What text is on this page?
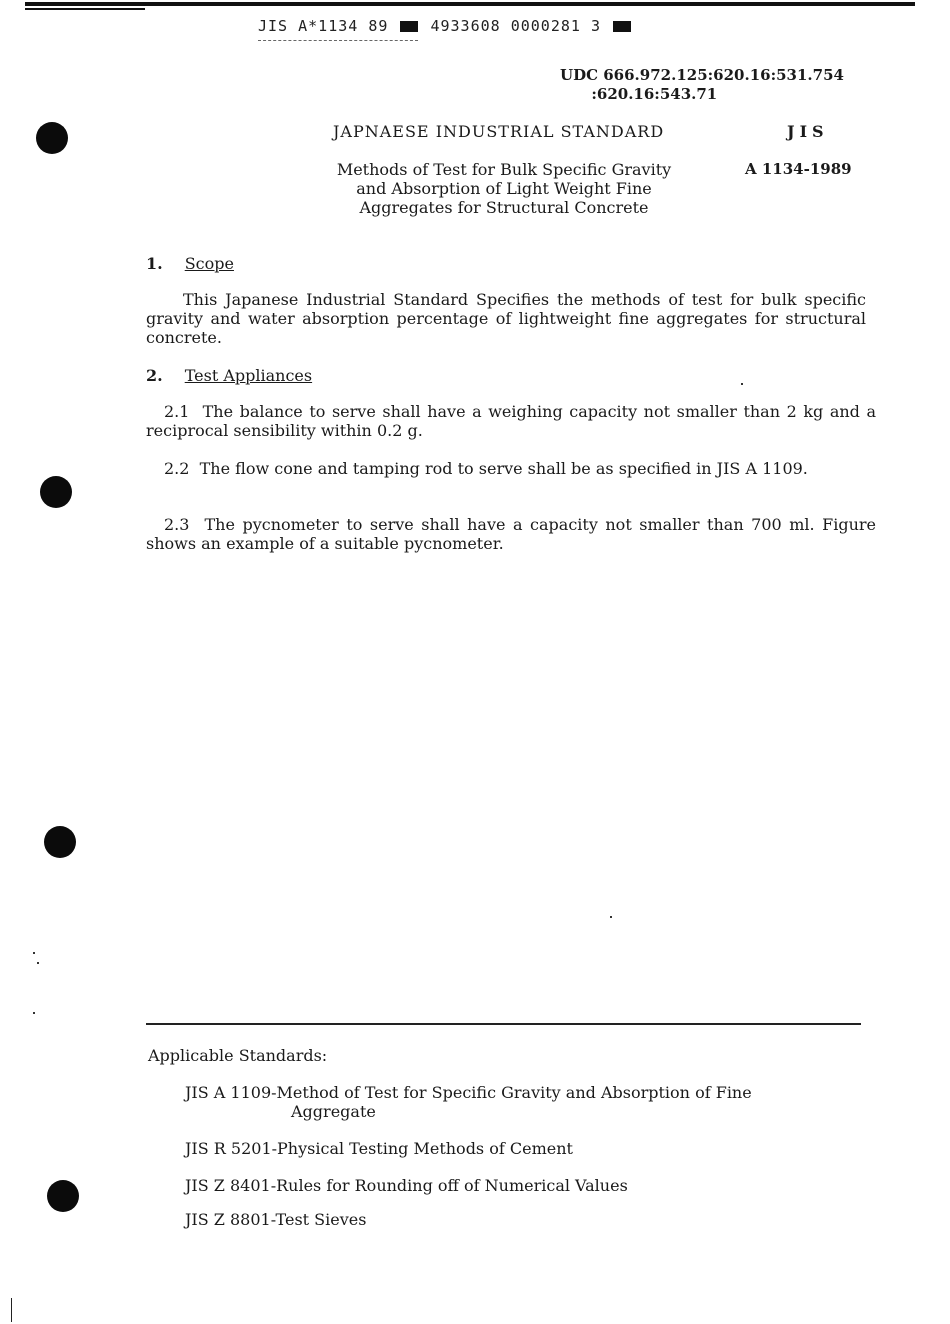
JIS A*1134 89	4933608 0000281 3
UDC 666.972.125:620.16:531.754
:620.16:543.71
JAPNAESE INDUSTRIAL STANDARD	JIS
Methods of Test for Bulk Specific Gravity
and Absorption of Light Weight Fine
Aggregates for Structural Concrete
A 1134-1989
1. Scope
This Japanese Industrial Standard Specifies the methods of test for bulk specific gravity and water absorption percentage of lightweight fine aggregates for structural concrete.
2. Test Appliances
2.1 The balance to serve shall have a weighing capacity not smaller than 2 kg and a reciprocal sensibility within 0.2 g.
2.2 The flow cone and tamping rod to serve shall be as specified in JIS A 1109.
2.3 The pycnometer to serve shall have a capacity not smaller than 700 ml. Figure shows an example of a suitable pycnometer.
Applicable Standards:
JIS A 1109-Method of Test for Specific Gravity and Absorption of Fine
Aggregate
JIS R 5201-Physical Testing Methods of Cement
JIS Z 8401-Rules for Rounding off of Numerical Values
JIS Z 8801-Test Sieves
